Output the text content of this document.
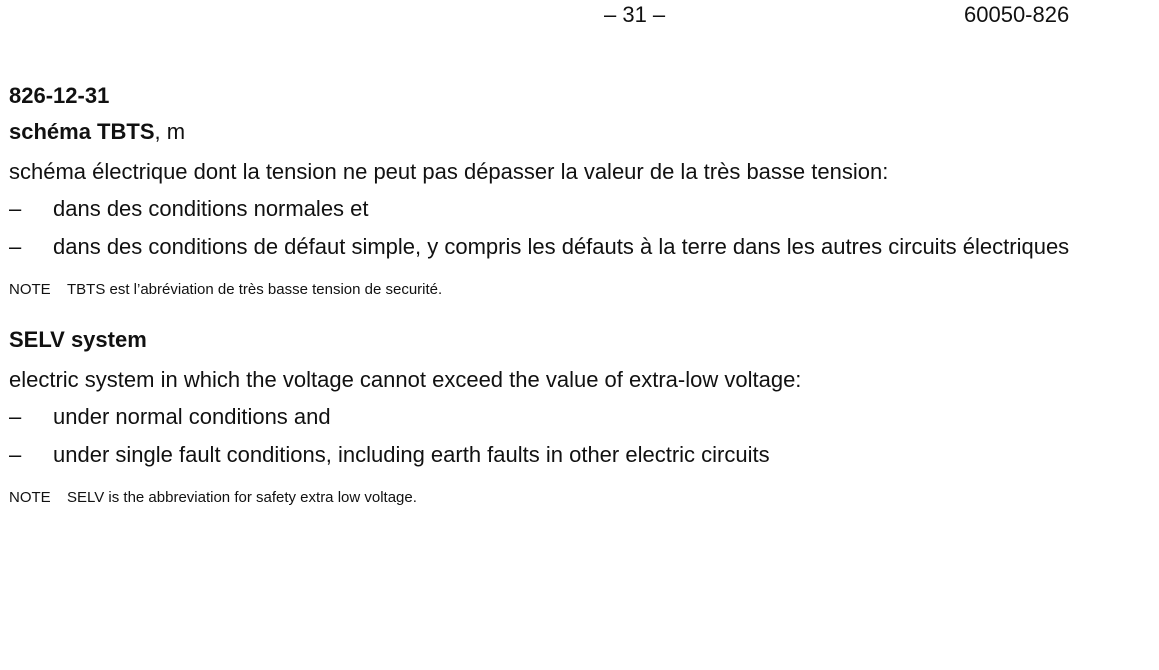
– 31 –	60050-826
826-12-31
schéma TBTS, m
schéma électrique dont la tension ne peut pas dépasser la valeur de la très basse tension:
– dans des conditions normales et
– dans des conditions de défaut simple, y compris les défauts à la terre dans les autres circuits électriques
NOTE	TBTS est l’abréviation de très basse tension de securité.
SELV system
electric system in which the voltage cannot exceed the value of extra-low voltage:
– under normal conditions and
– under single fault conditions, including earth faults in other electric circuits
NOTE	SELV is the abbreviation for safety extra low voltage.
